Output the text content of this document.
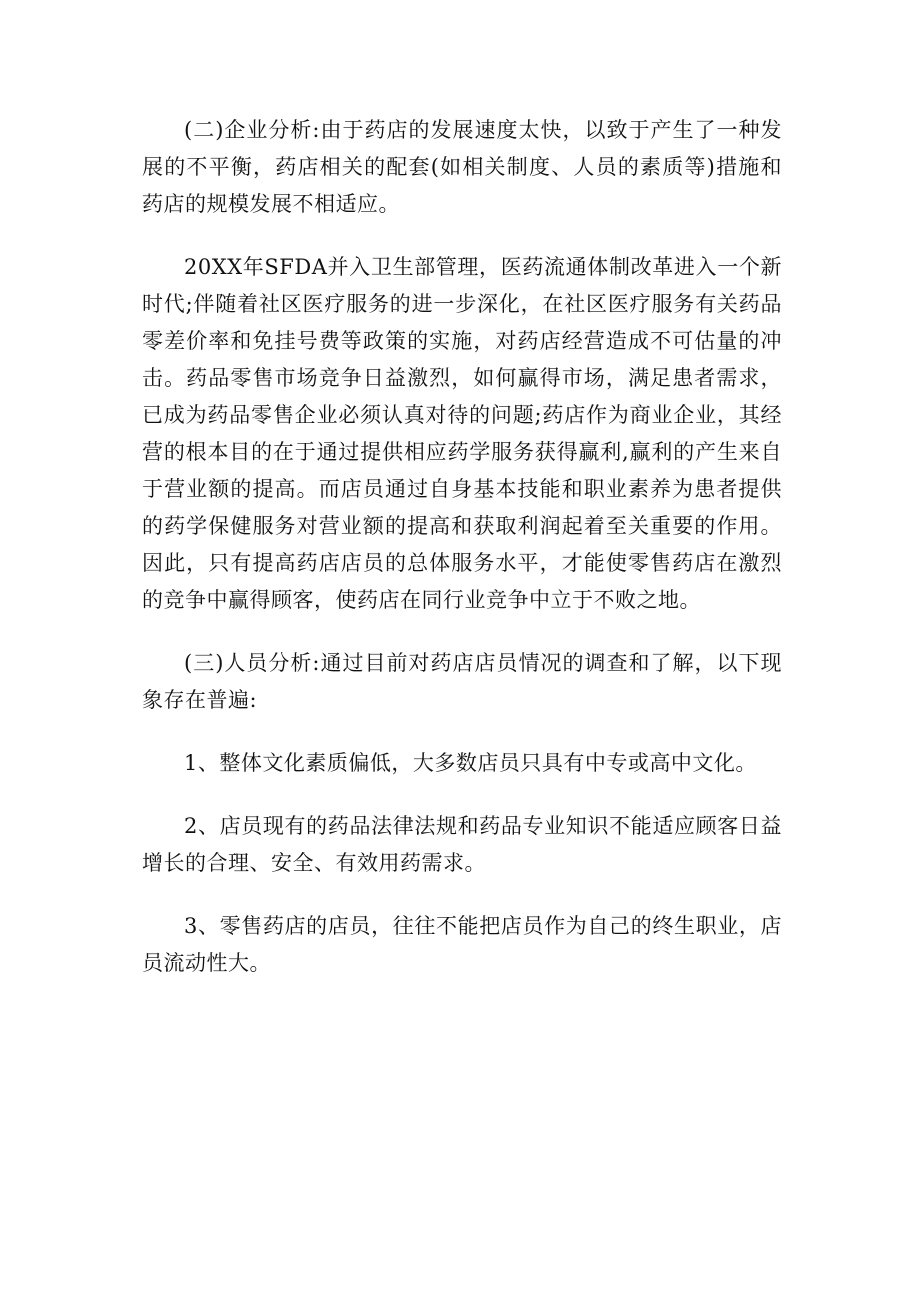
(二)企业分析:由于药店的发展速度太快，以致于产生了一种发展的不平衡，药店相关的配套(如相关制度、人员的素质等)措施和药店的规模发展不相适应。

20XX年SFDA并入卫生部管理，医药流通体制改革进入一个新时代;伴随着社区医疗服务的进一步深化，在社区医疗服务有关药品零差价率和免挂号费等政策的实施，对药店经营造成不可估量的冲击。药品零售市场竞争日益激烈，如何赢得市场，满足患者需求，已成为药品零售企业必须认真对待的问题;药店作为商业企业，其经营的根本目的在于通过提供相应药学服务获得赢利,赢利的产生来自于营业额的提高。而店员通过自身基本技能和职业素养为患者提供的药学保健服务对营业额的提高和获取利润起着至关重要的作用。因此，只有提高药店店员的总体服务水平，才能使零售药店在激烈的竞争中赢得顾客，使药店在同行业竞争中立于不败之地。

(三)人员分析:通过目前对药店店员情况的调查和了解，以下现象存在普遍:

1、整体文化素质偏低，大多数店员只具有中专或高中文化。

2、店员现有的药品法律法规和药品专业知识不能适应顾客日益增长的合理、安全、有效用药需求。

3、零售药店的店员，往往不能把店员作为自己的终生职业，店员流动性大。
